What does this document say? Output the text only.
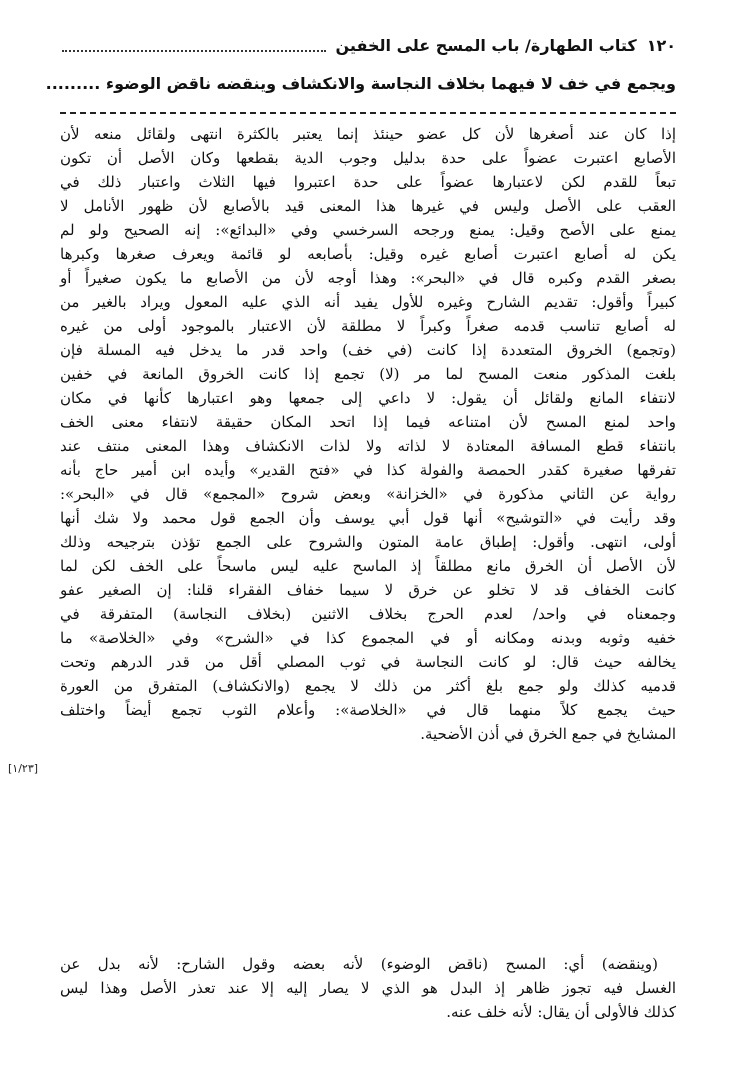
١٢٠
كتاب الطهارة/ باب المسح على الخفين
ويجمع في خف لا فيهما بخلاف النجاسة والانكشاف وينقضه ناقض الوضوء .........
إذا كان عند أصغرها لأن كل عضو حينئذ إنما يعتبر بالكثرة انتهى ولقائل منعه لأن
الأصابع اعتبرت عضواً على حدة بدليل وجوب الدية بقطعها وكان الأصل أن تكون
تبعاً للقدم لكن لاعتبارها عضواً على حدة اعتبروا فيها الثلاث واعتبار ذلك في
العقب على الأصل وليس في غيرها هذا المعنى قيد بالأصابع لأن ظهور الأنامل لا
يمنع على الأصح وقيل: يمنع ورجحه السرخسي وفي «البدائع»: إنه الصحيح ولو لم
يكن له أصابع اعتبرت أصابع غيره وقيل: بأصابعه لو قائمة ويعرف صغرها وكبرها
بصغر القدم وكبره قال في «البحر»: وهذا أوجه لأن من الأصابع ما يكون صغيراً أو
كبيراً وأقول: تقديم الشارح وغيره للأول يفيد أنه الذي عليه المعول ويراد بالغير من
له أصابع تناسب قدمه صغراً وكبراً لا مطلقة لأن الاعتبار بالموجود أولى من غيره
(وتجمع) الخروق المتعددة إذا كانت (في خف) واحد قدر ما يدخل فيه المسلة فإن
بلغت المذكور منعت المسح لما مر (لا) تجمع إذا كانت الخروق المانعة في خفين
لانتفاء المانع ولقائل أن يقول: لا داعي إلى جمعها وهو اعتبارها كأنها في مكان
واحد لمنع المسح لأن امتناعه فيما إذا اتحد المكان حقيقة لانتفاء معنى الخف
بانتفاء قطع المسافة المعتادة لا لذاته ولا لذات الانكشاف وهذا المعنى منتف عند
تفرقها صغيرة كقدر الحمصة والفولة كذا في «فتح القدير» وأيده ابن أمير حاج بأنه
رواية عن الثاني مذكورة في «الخزانة» وبعض شروح «المجمع» قال في «البحر»:
وقد رأيت في «التوشيح» أنها قول أبي يوسف وأن الجمع قول محمد ولا شك أنها
أولى، انتهى. وأقول: إطباق عامة المتون والشروح على الجمع تؤذن بترجيحه وذلك
لأن الأصل أن الخرق مانع مطلقاً إذ الماسح عليه ليس ماسحاً على الخف لكن لما
كانت الخفاف قد لا تخلو عن خرق لا سيما خفاف الفقراء قلنا: إن الصغير عفو
وجمعناه في واحد/ لعدم الحرج بخلاف الاثنين (بخلاف النجاسة) المتفرقة في
خفيه وثوبه وبدنه ومكانه أو في المجموع كذا في «الشرح» وفي «الخلاصة» ما
يخالفه حيث قال: لو كانت النجاسة في ثوب المصلي أقل من قدر الدرهم وتحت
قدميه كذلك ولو جمع بلغ أكثر من ذلك لا يجمع (والانكشاف) المتفرق من العورة
حيث يجمع كلاً منهما قال في «الخلاصة»: وأعلام الثوب تجمع أيضاً واختلف
المشايخ في جمع الخرق في أذن الأضحية.
[١/٢٣]
(وينقضه) أي: المسح (ناقض الوضوء) لأنه بعضه وقول الشارح: لأنه بدل عن
الغسل فيه تجوز ظاهر إذ البدل هو الذي لا يصار إليه إلا عند تعذر الأصل وهذا ليس
كذلك فالأولى أن يقال: لأنه خلف عنه.
